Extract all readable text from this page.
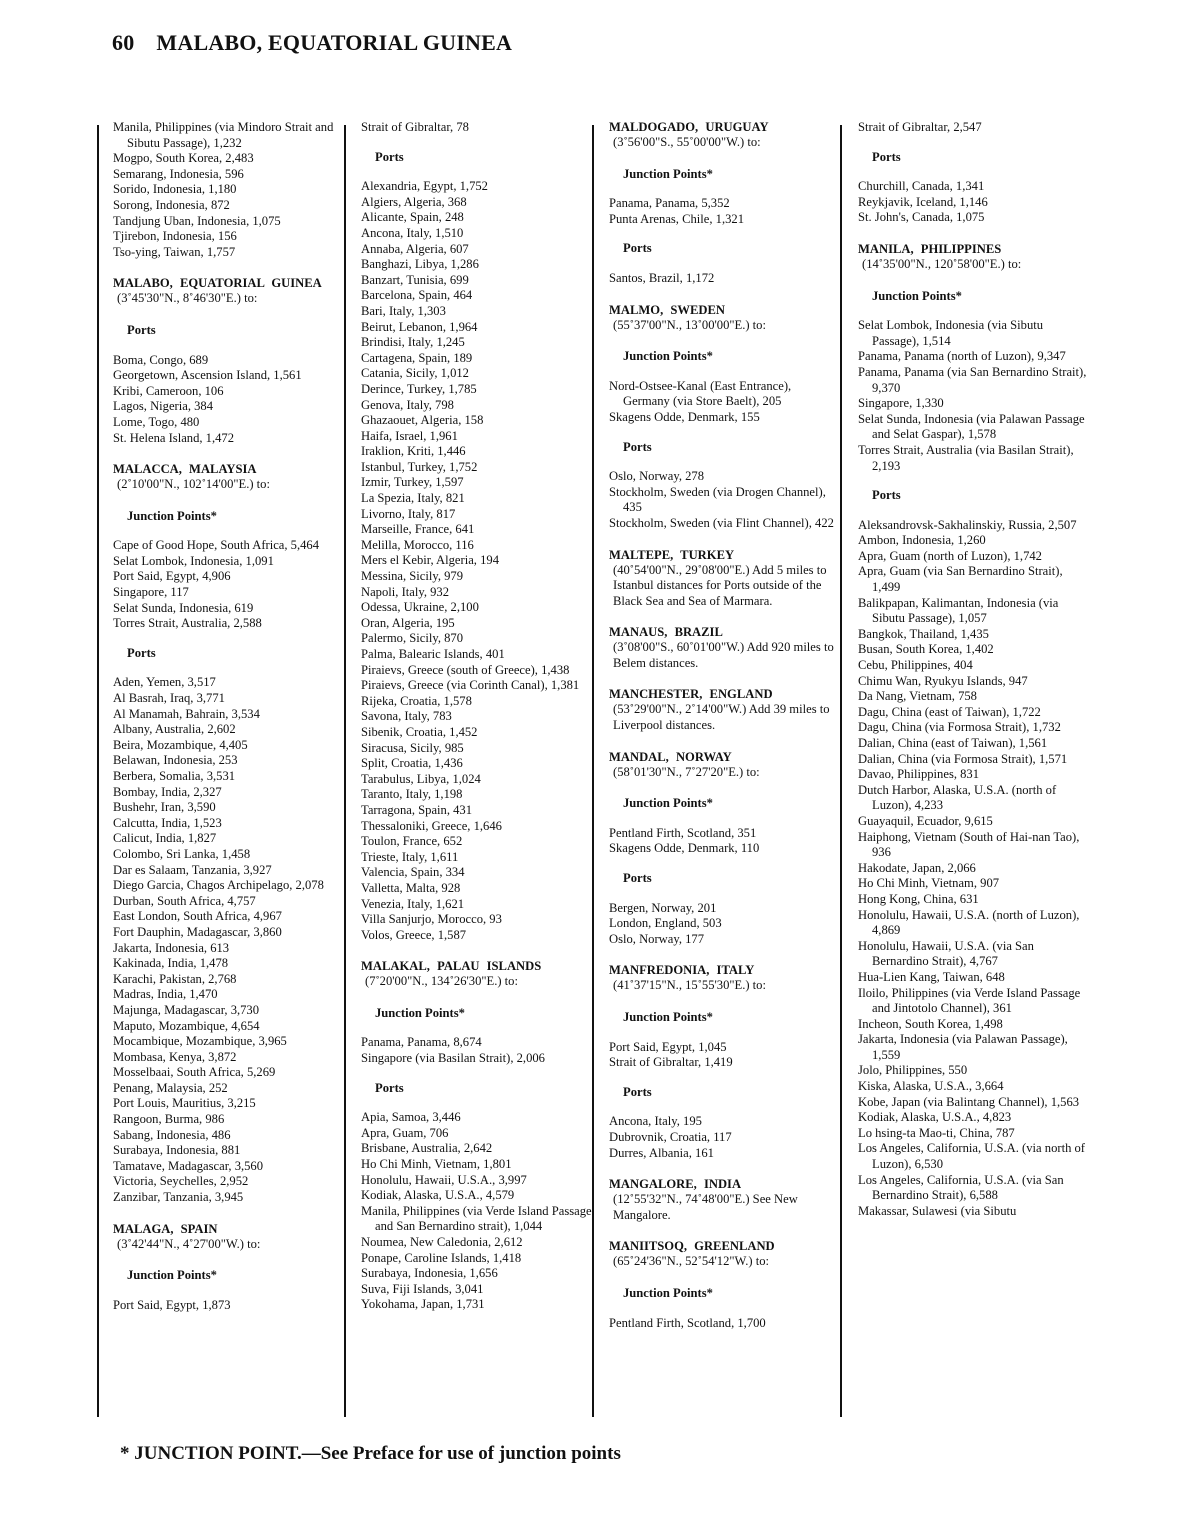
60 MALABO, EQUATORIAL GUINEA
Manila, Philippines (via Mindoro Strait and Sibutu Passage), 1,232
Mogpo, South Korea, 2,483
Semarang, Indonesia, 596
Sorido, Indonesia, 1,180
Sorong, Indonesia, 872
Tandjung Uban, Indonesia, 1,075
Tjirebon, Indonesia, 156
Tso-ying, Taiwan, 1,757
MALABO, EQUATORIAL GUINEA
(3˚45'30"N., 8˚46'30"E.) to:
Ports
Boma, Congo, 689
Georgetown, Ascension Island, 1,561
Kribi, Cameroon, 106
Lagos, Nigeria, 384
Lome, Togo, 480
St. Helena Island, 1,472
MALACCA, MALAYSIA
(2˚10'00"N., 102˚14'00"E.) to:
Junction Points*
Cape of Good Hope, South Africa, 5,464
Selat Lombok, Indonesia, 1,091
Port Said, Egypt, 4,906
Singapore, 117
Selat Sunda, Indonesia, 619
Torres Strait, Australia, 2,588
Ports
Aden, Yemen, 3,517
Al Basrah, Iraq, 3,771
Al Manamah, Bahrain, 3,534
Albany, Australia, 2,602
Beira, Mozambique, 4,405
Belawan, Indonesia, 253
Berbera, Somalia, 3,531
Bombay, India, 2,327
Bushehr, Iran, 3,590
Calcutta, India, 1,523
Calicut, India, 1,827
Colombo, Sri Lanka, 1,458
Dar es Salaam, Tanzania, 3,927
Diego Garcia, Chagos Archipelago, 2,078
Durban, South Africa, 4,757
East London, South Africa, 4,967
Fort Dauphin, Madagascar, 3,860
Jakarta, Indonesia, 613
Kakinada, India, 1,478
Karachi, Pakistan, 2,768
Madras, India, 1,470
Majunga, Madagascar, 3,730
Maputo, Mozambique, 4,654
Mocambique, Mozambique, 3,965
Mombasa, Kenya, 3,872
Mosselbaai, South Africa, 5,269
Penang, Malaysia, 252
Port Louis, Mauritius, 3,215
Rangoon, Burma, 986
Sabang, Indonesia, 486
Surabaya, Indonesia, 881
Tamatave, Madagascar, 3,560
Victoria, Seychelles, 2,952
Zanzibar, Tanzania, 3,945
MALAGA, SPAIN
(3˚42'44"N., 4˚27'00"W.) to:
Junction Points*
Port Said, Egypt, 1,873
Strait of Gibraltar, 78
Ports
Alexandria, Egypt, 1,752
Algiers, Algeria, 368
Alicante, Spain, 248
Ancona, Italy, 1,510
Annaba, Algeria, 607
Banghazi, Libya, 1,286
Banzart, Tunisia, 699
Barcelona, Spain, 464
Bari, Italy, 1,303
Beirut, Lebanon, 1,964
Brindisi, Italy, 1,245
Cartagena, Spain, 189
Catania, Sicily, 1,012
Derince, Turkey, 1,785
Genova, Italy, 798
Ghazaouet, Algeria, 158
Haifa, Israel, 1,961
Iraklion, Kriti, 1,446
Istanbul, Turkey, 1,752
Izmir, Turkey, 1,597
La Spezia, Italy, 821
Livorno, Italy, 817
Marseille, France, 641
Melilla, Morocco, 116
Mers el Kebir, Algeria, 194
Messina, Sicily, 979
Napoli, Italy, 932
Odessa, Ukraine, 2,100
Oran, Algeria, 195
Palermo, Sicily, 870
Palma, Balearic Islands, 401
Piraievs, Greece (south of Greece), 1,438
Piraievs, Greece (via Corinth Canal), 1,381
Rijeka, Croatia, 1,578
Savona, Italy, 783
Sibenik, Croatia, 1,452
Siracusa, Sicily, 985
Split, Croatia, 1,436
Tarabulus, Libya, 1,024
Taranto, Italy, 1,198
Tarragona, Spain, 431
Thessaloniki, Greece, 1,646
Toulon, France, 652
Trieste, Italy, 1,611
Valencia, Spain, 334
Valletta, Malta, 928
Venezia, Italy, 1,621
Villa Sanjurjo, Morocco, 93
Volos, Greece, 1,587
MALAKAL, PALAU ISLANDS
(7˚20'00"N., 134˚26'30"E.) to:
Junction Points*
Panama, Panama, 8,674
Singapore (via Basilan Strait), 2,006
Ports
Apia, Samoa, 3,446
Apra, Guam, 706
Brisbane, Australia, 2,642
Ho Chi Minh, Vietnam, 1,801
Honolulu, Hawaii, U.S.A., 3,997
Kodiak, Alaska, U.S.A., 4,579
Manila, Philippines (via Verde Island Passage and San Bernardino strait), 1,044
Noumea, New Caledonia, 2,612
Ponape, Caroline Islands, 1,418
Surabaya, Indonesia, 1,656
Suva, Fiji Islands, 3,041
Yokohama, Japan, 1,731
MALDOGADO, URUGUAY
(3˚56'00"S., 55˚00'00"W.) to:
Junction Points*
Panama, Panama, 5,352
Punta Arenas, Chile, 1,321
Ports
Santos, Brazil, 1,172
MALMO, SWEDEN
(55˚37'00"N., 13˚00'00"E.) to:
Junction Points*
Nord-Ostsee-Kanal (East Entrance), Germany (via Store Baelt), 205
Skagens Odde, Denmark, 155
Ports
Oslo, Norway, 278
Stockholm, Sweden (via Drogen Channel), 435
Stockholm, Sweden (via Flint Channel), 422
MALTEPE, TURKEY
(40˚54'00"N., 29˚08'00"E.) Add 5 miles to Istanbul distances for Ports outside of the Black Sea and Sea of Marmara.
MANAUS, BRAZIL
(3˚08'00"S., 60˚01'00"W.) Add 920 miles to Belem distances.
MANCHESTER, ENGLAND
(53˚29'00"N., 2˚14'00"W.) Add 39 miles to Liverpool distances.
MANDAL, NORWAY
(58˚01'30"N., 7˚27'20"E.) to:
Junction Points*
Pentland Firth, Scotland, 351
Skagens Odde, Denmark, 110
Ports
Bergen, Norway, 201
London, England, 503
Oslo, Norway, 177
MANFREDONIA, ITALY
(41˚37'15"N., 15˚55'30"E.) to:
Junction Points*
Port Said, Egypt, 1,045
Strait of Gibraltar, 1,419
Ports
Ancona, Italy, 195
Dubrovnik, Croatia, 117
Durres, Albania, 161
MANGALORE, INDIA
(12˚55'32"N., 74˚48'00"E.) See New Mangalore.
MANIITSOQ, GREENLAND
(65˚24'36"N., 52˚54'12"W.) to:
Junction Points*
Pentland Firth, Scotland, 1,700
Strait of Gibraltar, 2,547
Ports
Churchill, Canada, 1,341
Reykjavik, Iceland, 1,146
St. John's, Canada, 1,075
MANILA, PHILIPPINES
(14˚35'00"N., 120˚58'00"E.) to:
Junction Points*
Selat Lombok, Indonesia (via Sibutu Passage), 1,514
Panama, Panama (north of Luzon), 9,347
Panama, Panama (via San Bernardino Strait), 9,370
Singapore, 1,330
Selat Sunda, Indonesia (via Palawan Passage and Selat Gaspar), 1,578
Torres Strait, Australia (via Basilan Strait), 2,193
Ports
Aleksandrovsk-Sakhalinskiy, Russia, 2,507
Ambon, Indonesia, 1,260
Apra, Guam (north of Luzon), 1,742
Apra, Guam (via San Bernardino Strait), 1,499
Balikpapan, Kalimantan, Indonesia (via Sibutu Passage), 1,057
Bangkok, Thailand, 1,435
Busan, South Korea, 1,402
Cebu, Philippines, 404
Chimu Wan, Ryukyu Islands, 947
Da Nang, Vietnam, 758
Dagu, China (east of Taiwan), 1,722
Dagu, China (via Formosa Strait), 1,732
Dalian, China (east of Taiwan), 1,561
Dalian, China (via Formosa Strait), 1,571
Davao, Philippines, 831
Dutch Harbor, Alaska, U.S.A. (north of Luzon), 4,233
Guayaquil, Ecuador, 9,615
Haiphong, Vietnam (South of Hai-nan Tao), 936
Hakodate, Japan, 2,066
Ho Chi Minh, Vietnam, 907
Hong Kong, China, 631
Honolulu, Hawaii, U.S.A. (north of Luzon), 4,869
Honolulu, Hawaii, U.S.A. (via San Bernardino Strait), 4,767
Hua-Lien Kang, Taiwan, 648
Iloilo, Philippines (via Verde Island Passage and Jintotolo Channel), 361
Incheon, South Korea, 1,498
Jakarta, Indonesia (via Palawan Passage), 1,559
Jolo, Philippines, 550
Kiska, Alaska, U.S.A., 3,664
Kobe, Japan (via Balintang Channel), 1,563
Kodiak, Alaska, U.S.A., 4,823
Lo hsing-ta Mao-ti, China, 787
Los Angeles, California, U.S.A. (via north of Luzon), 6,530
Los Angeles, California, U.S.A. (via San Bernardino Strait), 6,588
Makassar, Sulawesi (via Sibutu
* JUNCTION POINT.—See Preface for use of junction points
